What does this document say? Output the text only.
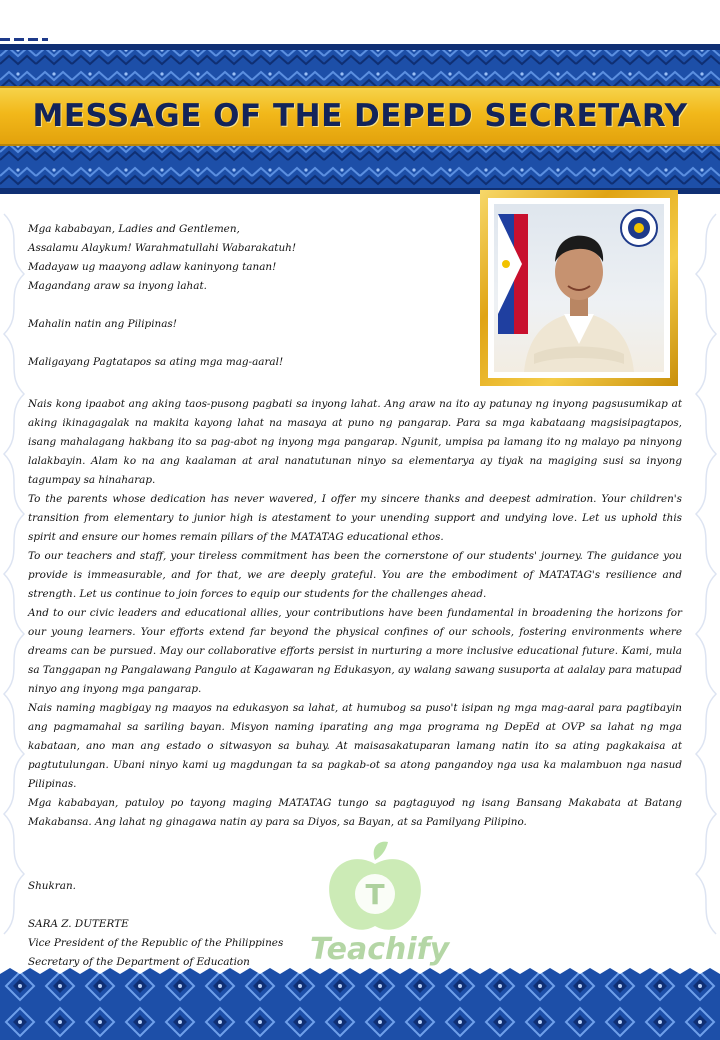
MESSAGE OF THE DEPED SECRETARY
Mga kababayan, Ladies and Gentlemen,
Assalamu Alaykum! Warahmatullahi Wabarakatuh!
Madayaw ug maayong adlaw kaninyong tanan!
Magandang araw sa inyong lahat.
Mahalin natin ang Pilipinas!
Maligayang Pagtatapos sa ating mga mag-aaral!

Nais kong ipaabot ang aking taos-pusong pagbati sa inyong lahat. Ang araw na ito ay patunay ng inyong pagsusumikap at aking ikinagagalak na makita kayong lahat na masaya at puno ng pangarap. Para sa mga kabataang magsisipagtapos, isang mahalagang hakbang ito sa pag-abot ng inyong mga pangarap. Ngunit, umpisa pa lamang ito ng malayo pa ninyong lalakbayin. Alam ko na ang kaalaman at aral nanatutunan ninyo sa elementarya ay tiyak na magiging susi sa inyong tagumpay sa hinaharap.

To the parents whose dedication has never wavered, I offer my sincere thanks and deepest admiration. Your children's transition from elementary to junior high is atestament to your unending support and undying love. Let us uphold this spirit and ensure our homes remain pillars of the MATATAG educational ethos.

To our teachers and staff, your tireless commitment has been the cornerstone of our students' journey. The guidance you provide is immeasurable, and for that, we are deeply grateful. You are the embodiment of MATATAG's resilience and strength. Let us continue to join forces to equip our students for the challenges ahead.

And to our civic leaders and educational allies, your contributions have been fundamental in broadening the horizons for our young learners. Your efforts extend far beyond the physical confines of our schools, fostering environments where dreams can be pursued. May our collaborative efforts persist in nurturing a more inclusive educational future. Kami, mula sa Tanggapan ng Pangalawang Pangulo at Kagawaran ng Edukasyon, ay walang sawang susuporta at aalalay para matupad ninyo ang inyong mga pangarap.

Nais naming magbigay ng maayos na edukasyon sa lahat, at humubog sa puso't isipan ng mga mag-aaral para pagtibayin ang pagmamahal sa sariling bayan. Misyon naming iparating ang mga programa ng DepEd at OVP sa lahat ng mga kabataan, ano man ang estado o sitwasyon sa buhay. At maisasakatuparan lamang natin ito sa ating pagkakaisa at pagtutulungan. Ubani ninyo kami ug magdungan ta sa pagkab-ot sa atong pangandoy nga usa ka malambuon nga nasud Pilipinas.

Mga kababayan, patuloy po tayong maging MATATAG tungo sa pagtaguyod ng isang Bansang Makabata at Batang Makabansa. Ang lahat ng ginagawa natin ay para sa Diyos, sa Bayan, at sa Pamilyang Pilipino.

Shukran.
SARA Z. DUTERTE
Vice President of the Republic of the Philippines
Secretary of the Department of Education
T
Teachify
